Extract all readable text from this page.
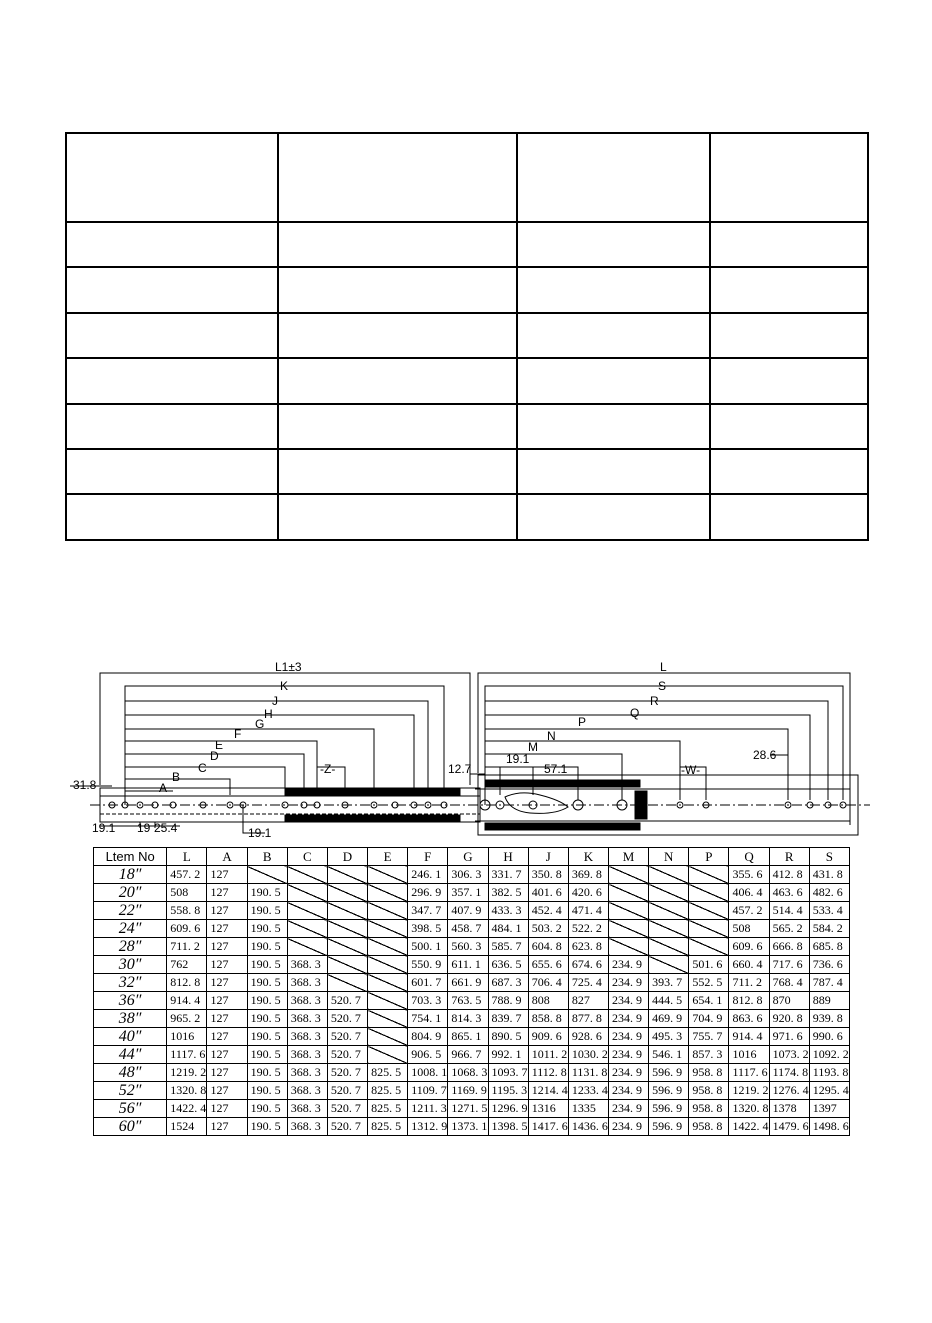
L1±3
K
J
H
G
F
E
D
C
B
A
-Z-
31.8
19.1 19 25.4	19.1
L
S
R
Q
P
N
M
12.7
19.1
57.1	-W-
28.6
Ltem No	L	A	B	C	D	E	F	G	H	J	K	M	N	P	Q	R	S
18″	457. 2	127					246. 1	306. 3	331. 7	350. 8	369. 8				355. 6	412. 8	431. 8
20″	508	127	190. 5				296. 9	357. 1	382. 5	401. 6	420. 6				406. 4	463. 6	482. 6
22″	558. 8	127	190. 5				347. 7	407. 9	433. 3	452. 4	471. 4				457. 2	514. 4	533. 4
24″	609. 6	127	190. 5				398. 5	458. 7	484. 1	503. 2	522. 2				508	565. 2	584. 2
28″	711. 2	127	190. 5				500. 1	560. 3	585. 7	604. 8	623. 8				609. 6	666. 8	685. 8
30″	762	127	190. 5	368. 3			550. 9	611. 1	636. 5	655. 6	674. 6	234. 9		501. 6	660. 4	717. 6	736. 6
32″	812. 8	127	190. 5	368. 3			601. 7	661. 9	687. 3	706. 4	725. 4	234. 9	393. 7	552. 5	711. 2	768. 4	787. 4
36″	914. 4	127	190. 5	368. 3	520. 7		703. 3	763. 5	788. 9	808	827	234. 9	444. 5	654. 1	812. 8	870	889
38″	965. 2	127	190. 5	368. 3	520. 7		754. 1	814. 3	839. 7	858. 8	877. 8	234. 9	469. 9	704. 9	863. 6	920. 8	939. 8
40″	1016	127	190. 5	368. 3	520. 7		804. 9	865. 1	890. 5	909. 6	928. 6	234. 9	495. 3	755. 7	914. 4	971. 6	990. 6
44″	1117. 6	127	190. 5	368. 3	520. 7		906. 5	966. 7	992. 1	1011. 2	1030. 2	234. 9	546. 1	857. 3	1016	1073. 2	1092. 2
48″	1219. 2	127	190. 5	368. 3	520. 7	825. 5	1008. 1	1068. 3	1093. 7	1112. 8	1131. 8	234. 9	596. 9	958. 8	1117. 6	1174. 8	1193. 8
52″	1320. 8	127	190. 5	368. 3	520. 7	825. 5	1109. 7	1169. 9	1195. 3	1214. 4	1233. 4	234. 9	596. 9	958. 8	1219. 2	1276. 4	1295. 4
56″	1422. 4	127	190. 5	368. 3	520. 7	825. 5	1211. 3	1271. 5	1296. 9	1316	1335	234. 9	596. 9	958. 8	1320. 8	1378	1397
60″	1524	127	190. 5	368. 3	520. 7	825. 5	1312. 9	1373. 1	1398. 5	1417. 6	1436. 6	234. 9	596. 9	958. 8	1422. 4	1479. 6	1498. 6
